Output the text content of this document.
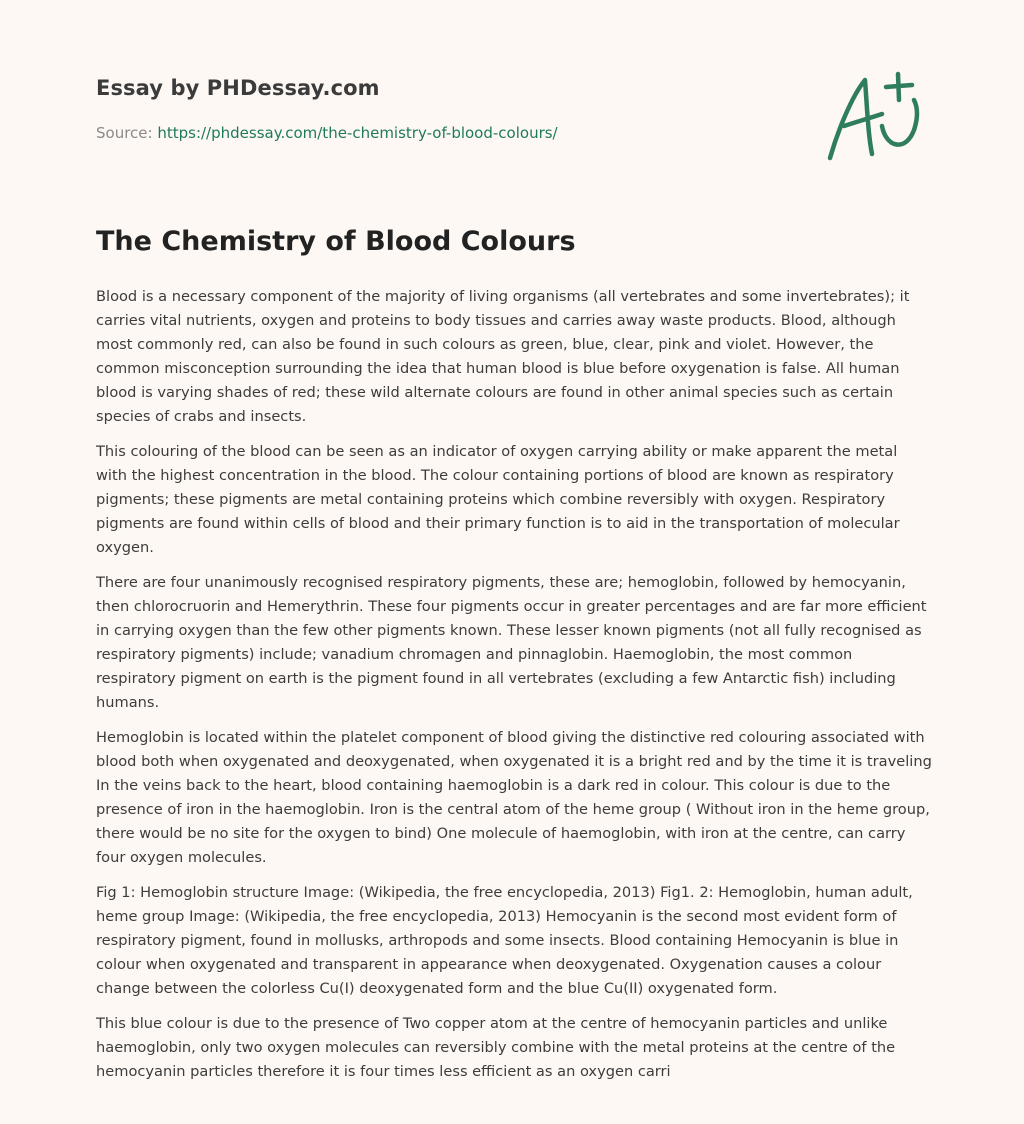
Essay by PHDessay.com

Source: https://phdessay.com/the-chemistry-of-blood-colours/

The Chemistry of Blood Colours

Blood is a necessary component of the majority of living organisms (all vertebrates and some invertebrates); it carries vital nutrients, oxygen and proteins to body tissues and carries away waste products. Blood, although most commonly red, can also be found in such colours as green, blue, clear, pink and violet. However, the common misconception surrounding the idea that human blood is blue before oxygenation is false. All human blood is varying shades of red; these wild alternate colours are found in other animal species such as certain species of crabs and insects.

This colouring of the blood can be seen as an indicator of oxygen carrying ability or make apparent the metal with the highest concentration in the blood. The colour containing portions of blood are known as respiratory pigments; these pigments are metal containing proteins which combine reversibly with oxygen. Respiratory pigments are found within cells of blood and their primary function is to aid in the transportation of molecular oxygen.

There are four unanimously recognised respiratory pigments, these are; hemoglobin, followed by hemocyanin, then chlorocruorin and Hemerythrin. These four pigments occur in greater percentages and are far more efficient in carrying oxygen than the few other pigments known. These lesser known pigments (not all fully recognised as respiratory pigments) include; vanadium chromagen and pinnaglobin. Haemoglobin, the most common respiratory pigment on earth is the pigment found in all vertebrates (excluding a few Antarctic fish) including humans.

Hemoglobin is located within the platelet component of blood giving the distinctive red colouring associated with blood both when oxygenated and deoxygenated, when oxygenated it is a bright red and by the time it is traveling In the veins back to the heart, blood containing haemoglobin is a dark red in colour. This colour is due to the presence of iron in the haemoglobin. Iron is the central atom of the heme group ( Without iron in the heme group, there would be no site for the oxygen to bind) One molecule of haemoglobin, with iron at the centre, can carry four oxygen molecules.

Fig 1: Hemoglobin structure Image: (Wikipedia, the free encyclopedia, 2013) Fig1. 2: Hemoglobin, human adult, heme group Image: (Wikipedia, the free encyclopedia, 2013) Hemocyanin is the second most evident form of respiratory pigment, found in mollusks, arthropods and some insects. Blood containing Hemocyanin is blue in colour when oxygenated and transparent in appearance when deoxygenated. Oxygenation causes a colour change between the colorless Cu(I) deoxygenated form and the blue Cu(II) oxygenated form.

This blue colour is due to the presence of Two copper atom at the centre of hemocyanin particles and unlike haemoglobin, only two oxygen molecules can reversibly combine with the metal proteins at the centre of the hemocyanin particles therefore it is four times less efficient as an oxygen carri
